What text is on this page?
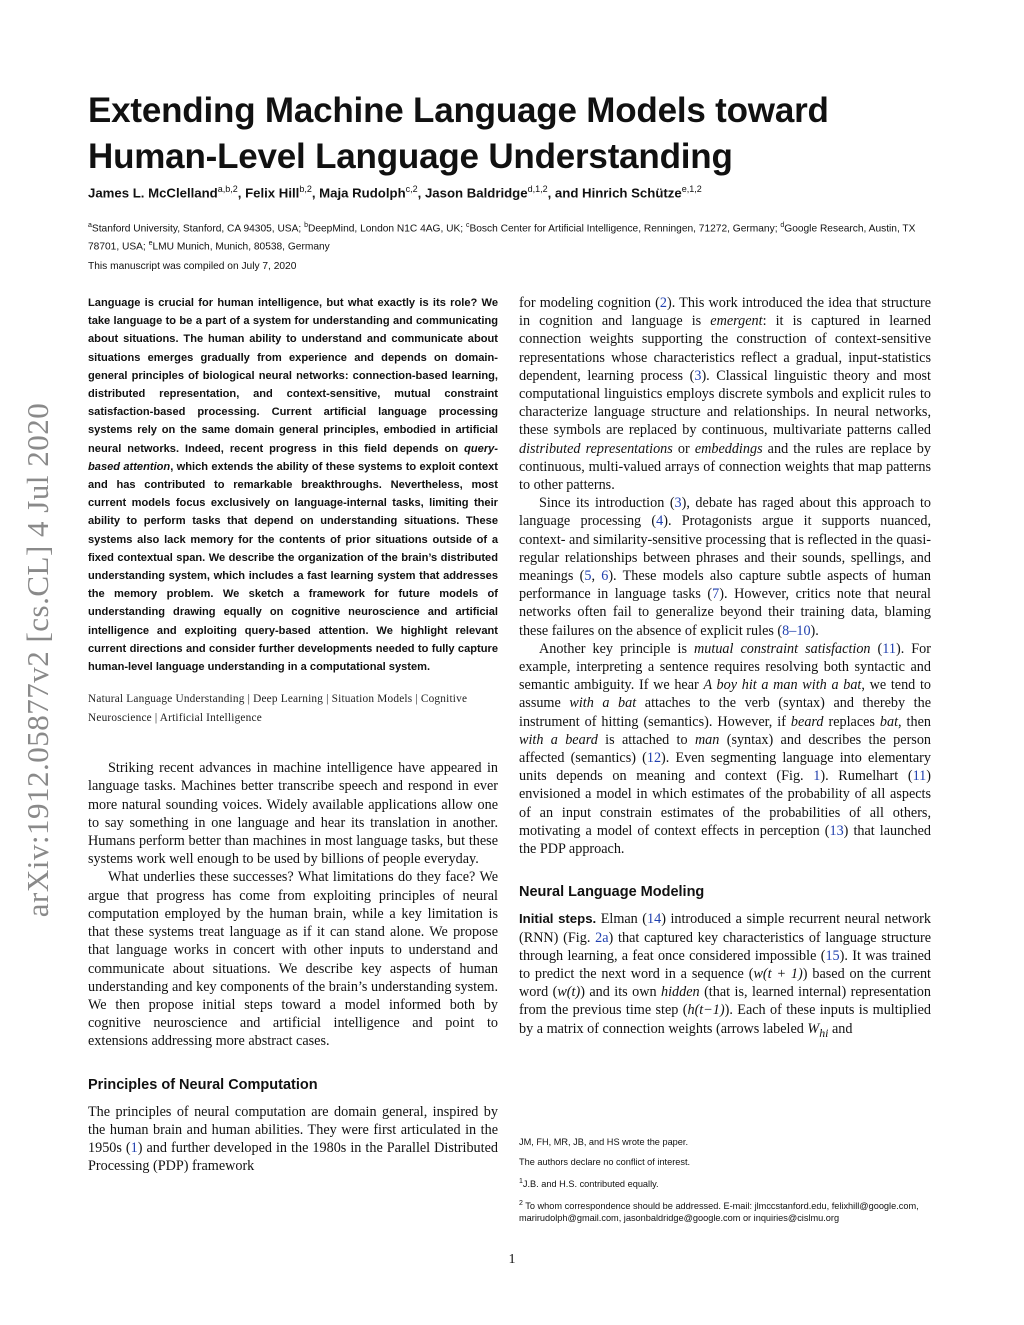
arXiv:1912.05877v2 [cs.CL] 4 Jul 2020
Extending Machine Language Models toward Human-Level Language Understanding
James L. McClelland$^{a,b,2}$, Felix Hill$^{b,2}$, Maja Rudolph$^{c,2}$, Jason Baldridge$^{d,1,2}$, and Hinrich Schütze$^{e,1,2}$
$^a$Stanford University, Stanford, CA 94305, USA; $^b$DeepMind, London N1C 4AG, UK; $^c$Bosch Center for Artificial Intelligence, Renningen, 71272, Germany; $^d$Google Research, Austin, TX 78701, USA; $^e$LMU Munich, Munich, 80538, Germany
This manuscript was compiled on July 7, 2020

Language is crucial for human intelligence, but what exactly is its role? We take language to be a part of a system for understanding and communicating about situations. The human ability to understand and communicate about situations emerges gradually from experience and depends on domain-general principles of biological neural networks: connection-based learning, distributed representation, and context-sensitive, mutual constraint satisfaction-based processing. Current artificial language processing systems rely on the same domain general principles, embodied in artificial neural networks. Indeed, recent progress in this field depends on query-based attention, which extends the ability of these systems to exploit context and has contributed to remarkable breakthroughs. Nevertheless, most current models focus exclusively on language-internal tasks, limiting their ability to perform tasks that depend on understanding situations. These systems also lack memory for the contents of prior situations outside of a fixed contextual span. We describe the organization of the brain’s distributed understanding system, which includes a fast learning system that addresses the memory problem. We sketch a framework for future models of understanding drawing equally on cognitive neuroscience and artificial intelligence and exploiting query-based attention. We highlight relevant current directions and consider further developments needed to fully capture human-level language understanding in a computational system.

Natural Language Understanding | Deep Learning | Situation Models | Cognitive Neuroscience | Artificial Intelligence

Striking recent advances in machine intelligence have appeared in language tasks. Machines better transcribe speech and respond in ever more natural sounding voices. Widely available applications allow one to say something in one language and hear its translation in another. Humans perform better than machines in most language tasks, but these systems work well enough to be used by billions of people everyday.

What underlies these successes? What limitations do they face? We argue that progress has come from exploiting principles of neural computation employed by the human brain, while a key limitation is that these systems treat language as if it can stand alone. We propose that language works in concert with other inputs to understand and communicate about situations. We describe key aspects of human understanding and key components of the brain’s understanding system. We then propose initial steps toward a model informed both by cognitive neuroscience and artificial intelligence and point to extensions addressing more abstract cases.

Principles of Neural Computation

The principles of neural computation are domain general, inspired by the human brain and human abilities. They were first articulated in the 1950s (1) and further developed in the 1980s in the Parallel Distributed Processing (PDP) framework

for modeling cognition (2). This work introduced the idea that structure in cognition and language is emergent: it is captured in learned connection weights supporting the construction of context-sensitive representations whose characteristics reflect a gradual, input-statistics dependent, learning process (3). Classical linguistic theory and most computational linguistics employs discrete symbols and explicit rules to characterize language structure and relationships. In neural networks, these symbols are replaced by continuous, multivariate patterns called distributed representations or embeddings and the rules are replace by continuous, multi-valued arrays of connection weights that map patterns to other patterns.

Since its introduction (3), debate has raged about this approach to language processing (4). Protagonists argue it supports nuanced, context- and similarity-sensitive processing that is reflected in the quasi-regular relationships between phrases and their sounds, spellings, and meanings (5, 6). These models also capture subtle aspects of human performance in language tasks (7). However, critics note that neural networks often fail to generalize beyond their training data, blaming these failures on the absence of explicit rules (8–10).

Another key principle is mutual constraint satisfaction (11). For example, interpreting a sentence requires resolving both syntactic and semantic ambiguity. If we hear A boy hit a man with a bat, we tend to assume with a bat attaches to the verb (syntax) and thereby the instrument of hitting (semantics). However, if beard replaces bat, then with a beard is attached to man (syntax) and describes the person affected (semantics) (12). Even segmenting language into elementary units depends on meaning and context (Fig. 1). Rumelhart (11) envisioned a model in which estimates of the probability of all aspects of an input constrain estimates of the probabilities of all others, motivating a model of context effects in perception (13) that launched the PDP approach.

Neural Language Modeling

Initial steps. Elman (14) introduced a simple recurrent neural network (RNN) (Fig. 2a) that captured key characteristics of language structure through learning, a feat once considered impossible (15). It was trained to predict the next word in a sequence (w(t + 1)) based on the current word (w(t)) and its own hidden (that is, learned internal) representation from the previous time step (h(t−1)). Each of these inputs is multiplied by a matrix of connection weights (arrows labeled $W_{hi}$ and

JM, FH, MR, JB, and HS wrote the paper.

The authors declare no conflict of interest.

$^1$J.B. and H.S. contributed equally.

$^2$ To whom correspondence should be addressed. E-mail: jlmccstanford.edu, felixhill@google.com, marirudolph@gmail.com, jasonbaldridge@google.com or inquiries@cislmu.org

1
